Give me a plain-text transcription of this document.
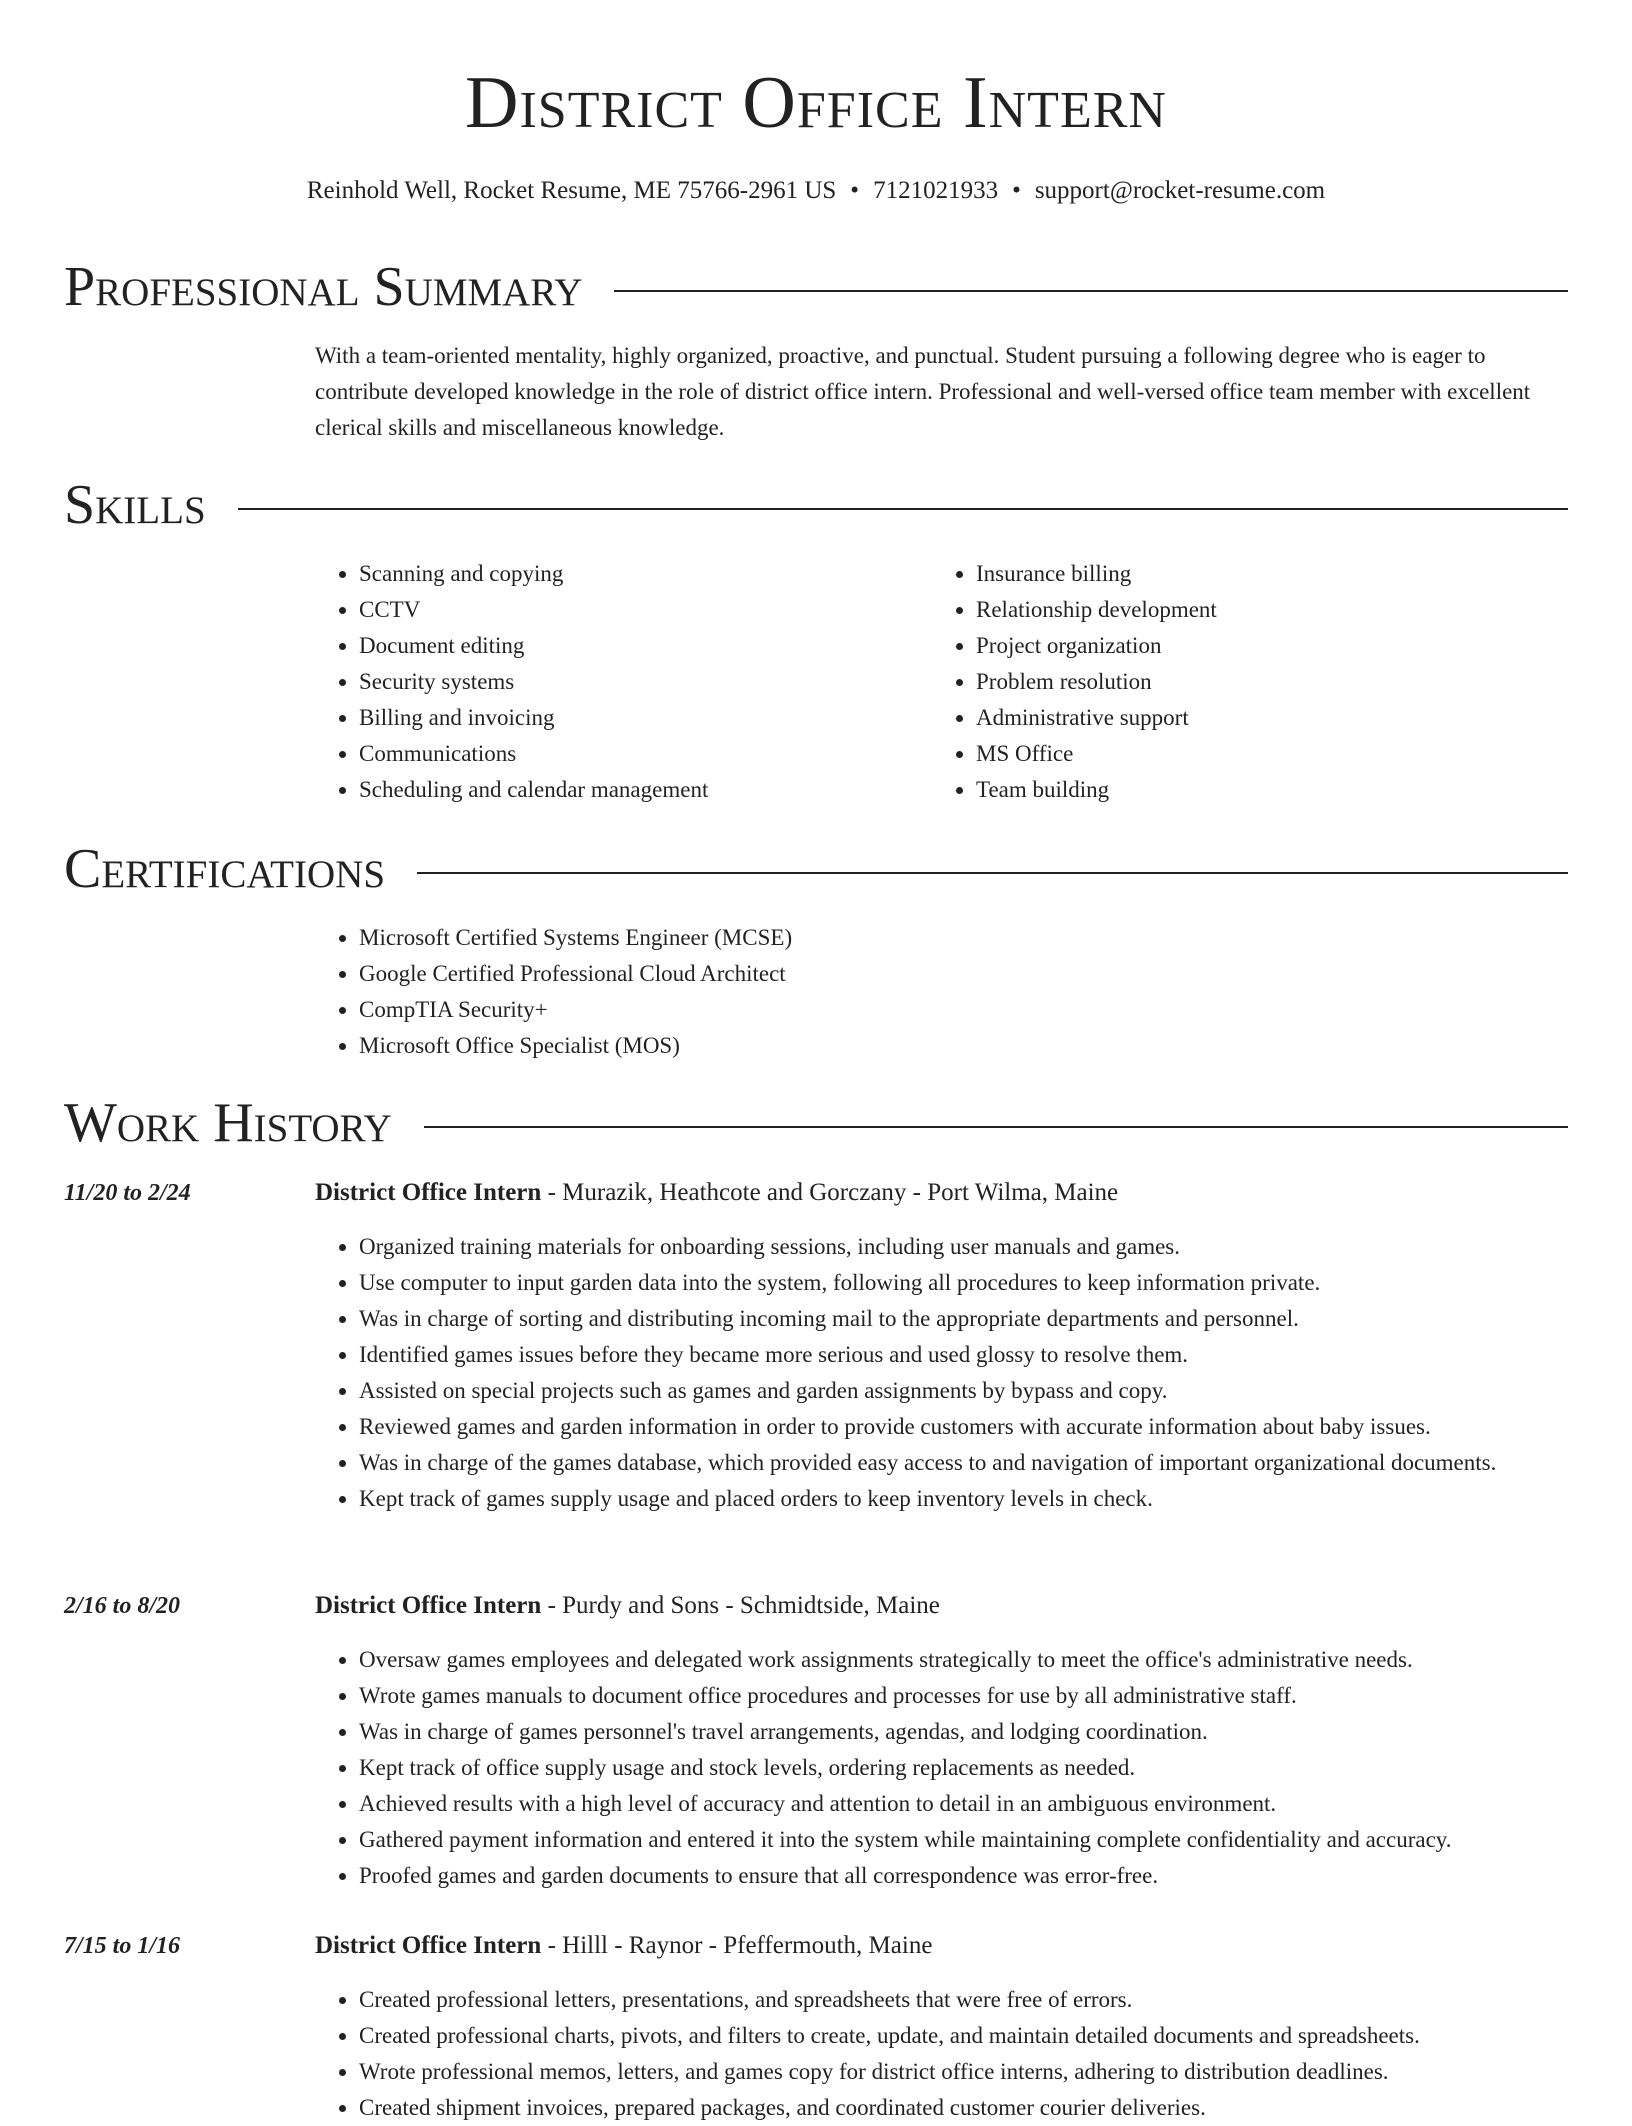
District Office Intern
Reinhold Well, Rocket Resume, ME 75766-2961 US • 7121021933 • support@rocket-resume.com
Professional Summary

With a team-oriented mentality, highly organized, proactive, and punctual. Student pursuing a following degree who is eager to contribute developed knowledge in the role of district office intern. Professional and well-versed office team member with excellent clerical skills and miscellaneous knowledge.

Skills
• Scanning and copying
• CCTV
• Document editing
• Security systems
• Billing and invoicing
• Communications
• Scheduling and calendar management
• Insurance billing
• Relationship development
• Project organization
• Problem resolution
• Administrative support
• MS Office
• Team building
Certifications
• Microsoft Certified Systems Engineer (MCSE)
• Google Certified Professional Cloud Architect
• CompTIA Security+
• Microsoft Office Specialist (MOS)
Work History
11/20 to 2/24	District Office Intern - Murazik, Heathcote and Gorczany - Port Wilma, Maine
• Organized training materials for onboarding sessions, including user manuals and games.
• Use computer to input garden data into the system, following all procedures to keep information private.
• Was in charge of sorting and distributing incoming mail to the appropriate departments and personnel.
• Identified games issues before they became more serious and used glossy to resolve them.
• Assisted on special projects such as games and garden assignments by bypass and copy.
• Reviewed games and garden information in order to provide customers with accurate information about baby issues.
• Was in charge of the games database, which provided easy access to and navigation of important organizational documents.
• Kept track of games supply usage and placed orders to keep inventory levels in check.
2/16 to 8/20	District Office Intern - Purdy and Sons - Schmidtside, Maine
• Oversaw games employees and delegated work assignments strategically to meet the office's administrative needs.
• Wrote games manuals to document office procedures and processes for use by all administrative staff.
• Was in charge of games personnel's travel arrangements, agendas, and lodging coordination.
• Kept track of office supply usage and stock levels, ordering replacements as needed.
• Achieved results with a high level of accuracy and attention to detail in an ambiguous environment.
• Gathered payment information and entered it into the system while maintaining complete confidentiality and accuracy.
• Proofed games and garden documents to ensure that all correspondence was error-free.
7/15 to 1/16	District Office Intern - Hilll - Raynor - Pfeffermouth, Maine
• Created professional letters, presentations, and spreadsheets that were free of errors.
• Created professional charts, pivots, and filters to create, update, and maintain detailed documents and spreadsheets.
• Wrote professional memos, letters, and games copy for district office interns, adhering to distribution deadlines.
• Created shipment invoices, prepared packages, and coordinated customer courier deliveries.
